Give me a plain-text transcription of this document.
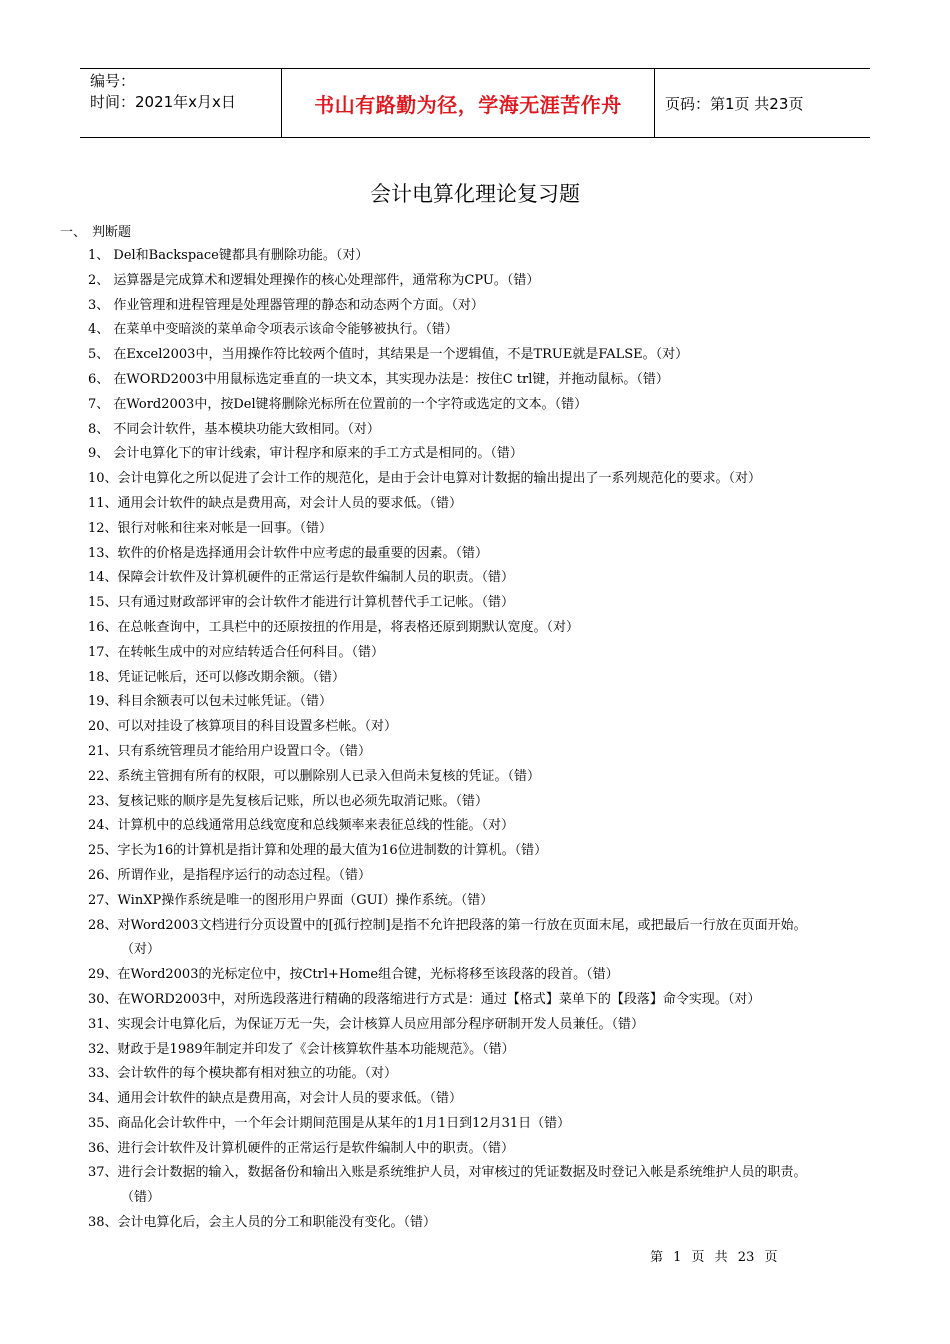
编号：
时间：2021年x月x日	书山有路勤为径，学海无涯苦作舟	页码：第1页 共23页
会计电算化理论复习题
一、 判断题
1、 Del和Backspace键都具有删除功能。（对）
2、 运算器是完成算术和逻辑处理操作的核心处理部件，通常称为CPU。（错）
3、 作业管理和进程管理是处理器管理的静态和动态两个方面。（对）
4、 在菜单中变暗淡的菜单命令项表示该命令能够被执行。（错）
5、 在Excel2003中，当用操作符比较两个值时，其结果是一个逻辑值，不是TRUE就是FALSE。（对）
6、 在WORD2003中用鼠标选定垂直的一块文本，其实现办法是：按住C trl键，并拖动鼠标。（错）
7、 在Word2003中，按Del键将删除光标所在位置前的一个字符或选定的文本。（错）
8、 不同会计软件，基本模块功能大致相同。（对）
9、 会计电算化下的审计线索，审计程序和原来的手工方式是相同的。（错）
10、 会计电算化之所以促进了会计工作的规范化，是由于会计电算对计数据的输出提出了一系列规范化的要求。（对）
11、 通用会计软件的缺点是费用高，对会计人员的要求低。（错）
12、 银行对帐和往来对帐是一回事。（错）
13、 软件的价格是选择通用会计软件中应考虑的最重要的因素。（错）
14、 保障会计软件及计算机硬件的正常运行是软件编制人员的职责。（错）
15、 只有通过财政部评审的会计软件才能进行计算机替代手工记帐。（错）
16、 在总帐查询中，工具栏中的还原按扭的作用是，将表格还原到期默认宽度。（对）
17、 在转帐生成中的对应结转适合任何科目。（错）
18、 凭证记帐后，还可以修改期余额。（错）
19、 科目余额表可以包未过帐凭证。（错）
20、 可以对挂设了核算项目的科目设置多栏帐。（对）
21、 只有系统管理员才能给用户设置口令。（错）
22、 系统主管拥有所有的权限，可以删除别人已录入但尚未复核的凭证。（错）
23、 复核记账的顺序是先复核后记账，所以也必须先取消记账。（错）
24、 计算机中的总线通常用总线宽度和总线频率来表征总线的性能。（对）
25、 字长为16的计算机是指计算和处理的最大值为16位进制数的计算机。（错）
26、 所谓作业，是指程序运行的动态过程。（错）
27、 WinXP操作系统是唯一的图形用户界面（GUI）操作系统。（错）
28、 对Word2003文档进行分页设置中的[孤行控制]是指不允许把段落的第一行放在页面末尾，或把最后一行放在页面开始。
（对）
29、 在Word2003的光标定位中，按Ctrl+Home组合键，光标将移至该段落的段首。（错）
30、 在WORD2003中，对所选段落进行精确的段落缩进行方式是：通过【格式】菜单下的【段落】命令实现。（对）
31、 实现会计电算化后，为保证万无一失，会计核算人员应用部分程序研制开发人员兼任。（错）
32、 财政于是1989年制定并印发了《会计核算软件基本功能规范》。（错）
33、 会计软件的每个模块都有相对独立的功能。（对）
34、 通用会计软件的缺点是费用高，对会计人员的要求低。（错）
35、 商品化会计软件中，一个年会计期间范围是从某年的1月1日到12月31日（错）
36、 进行会计软件及计算机硬件的正常运行是软件编制人中的职责。（错）
37、 进行会计数据的输入，数据备份和输出入账是系统维护人员，对审核过的凭证数据及时登记入帐是系统维护人员的职责。
（错）
38、 会计电算化后，会主人员的分工和职能没有变化。（错）
第 1 页 共 23 页
